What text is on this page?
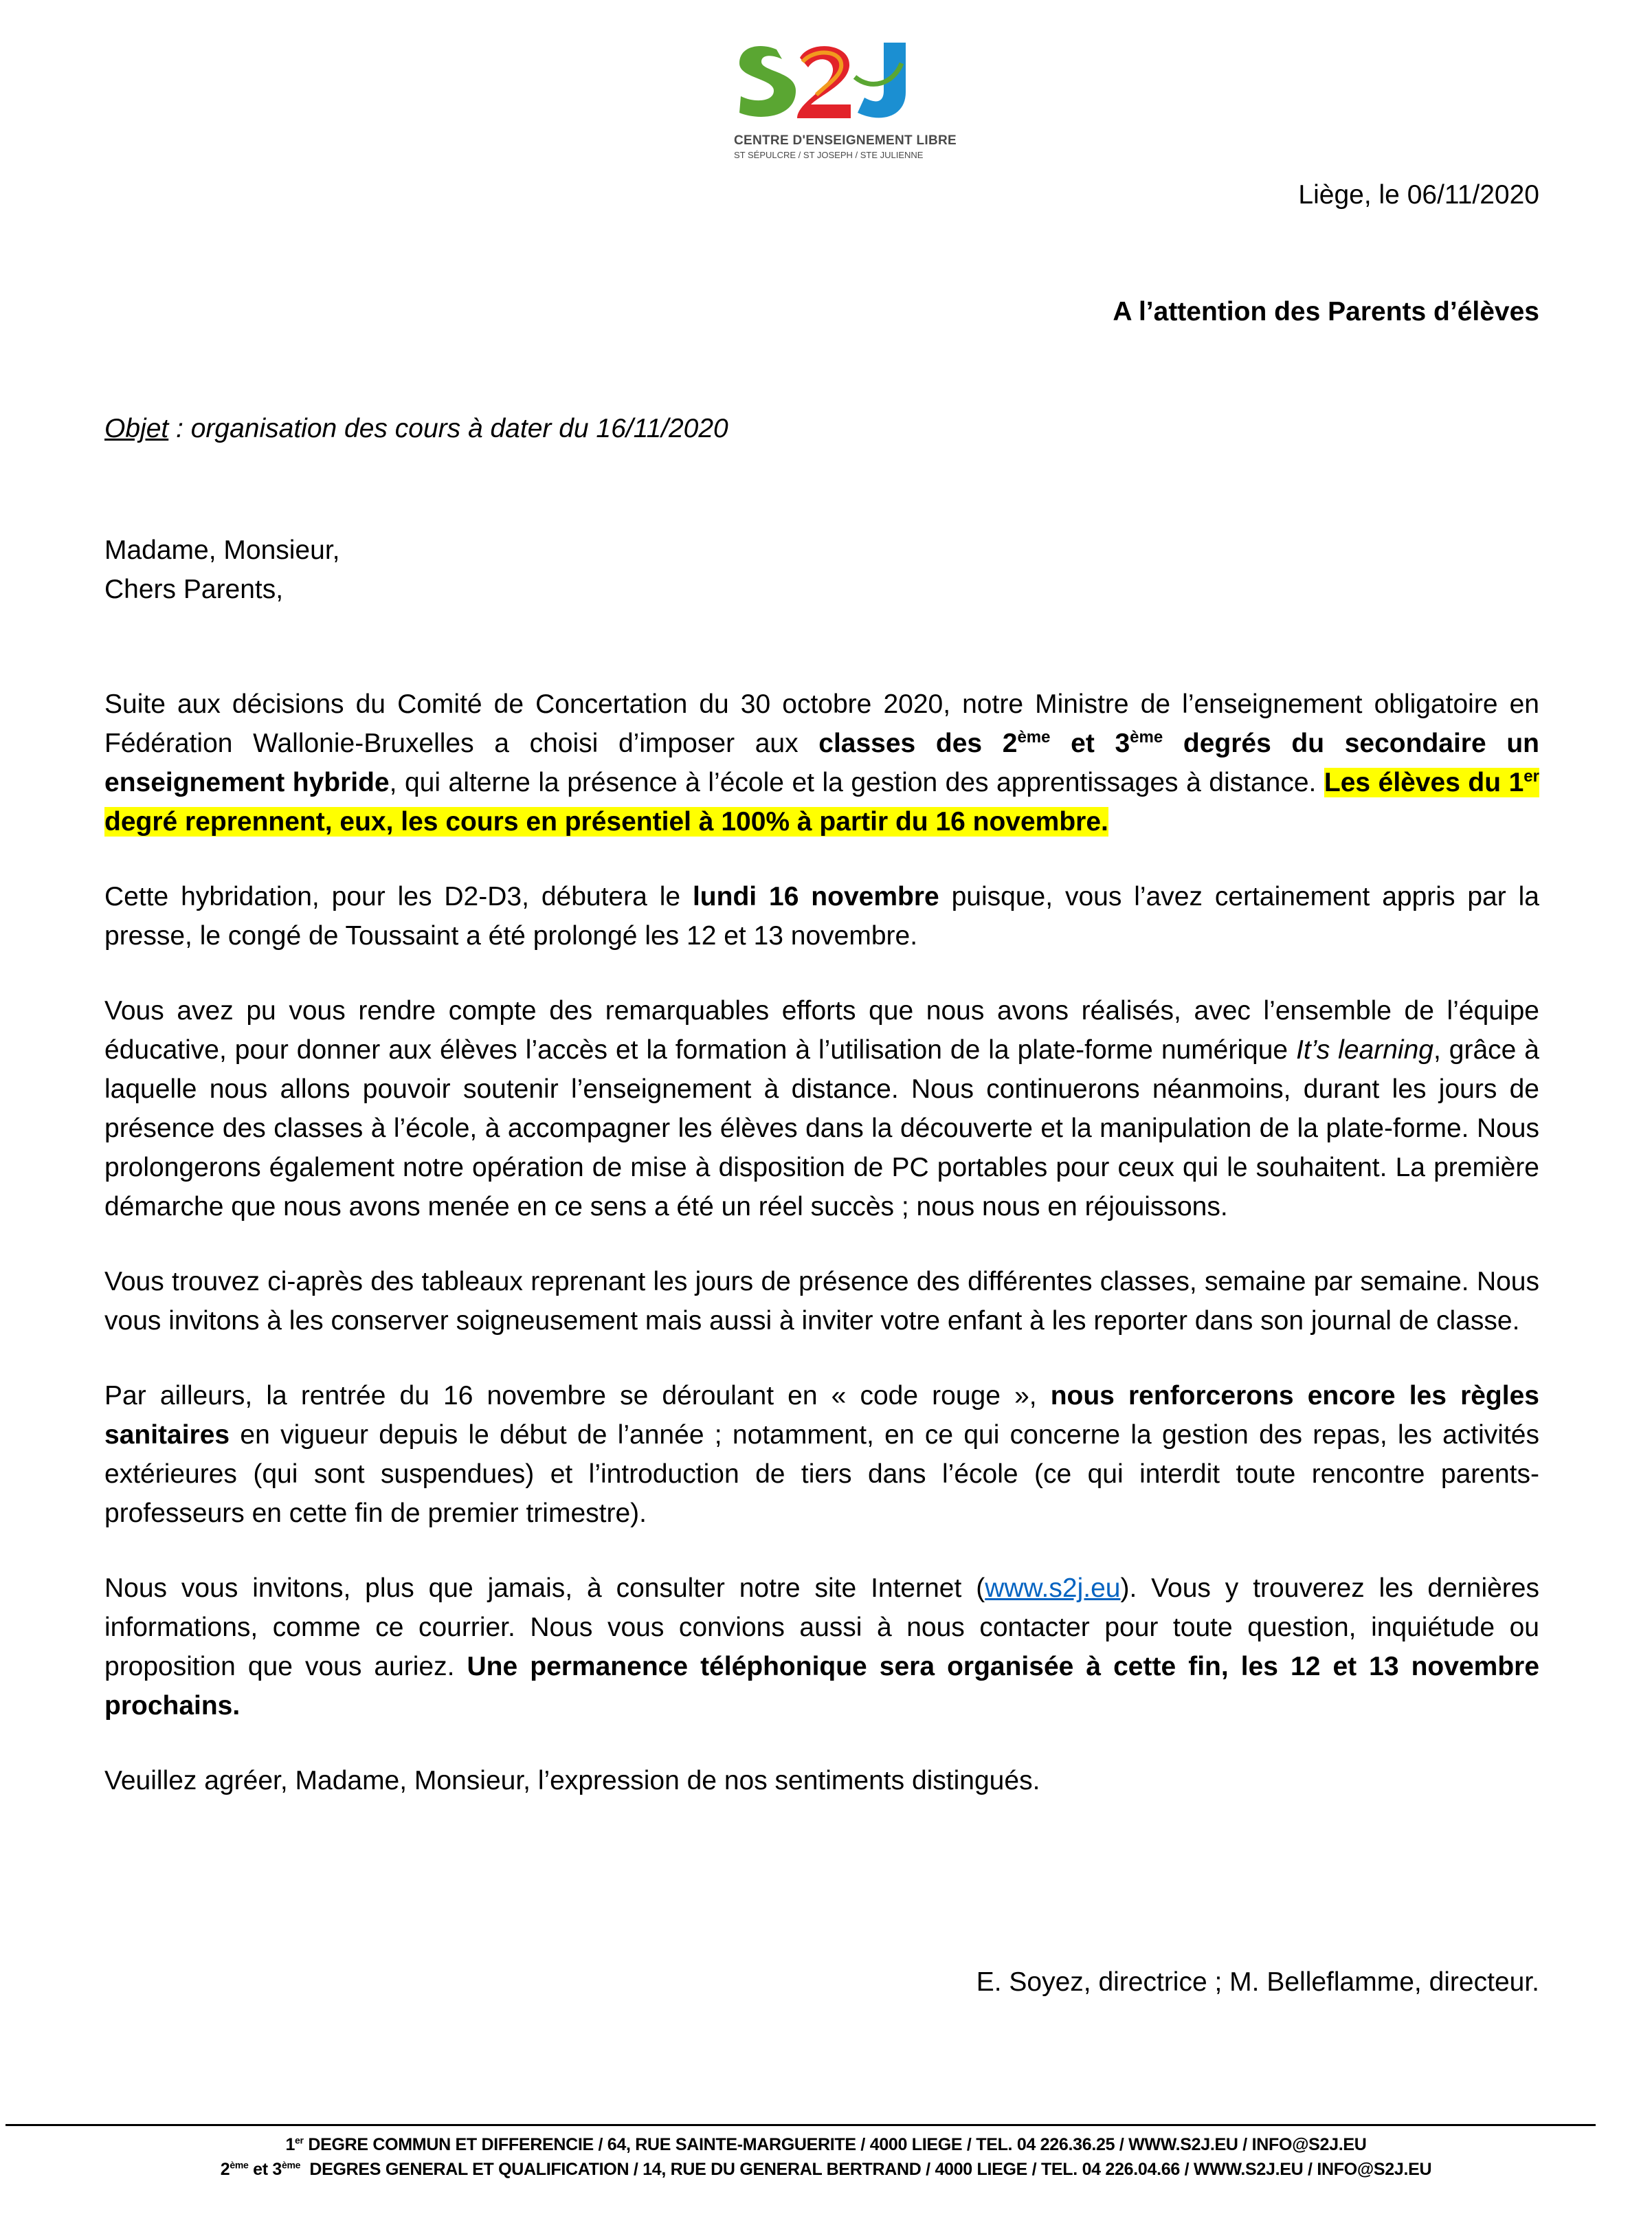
CENTRE D'ENSEIGNEMENT LIBRE
ST SÉPULCRE / ST JOSEPH / STE JULIENNE
Liège, le 06/11/2020
A l’attention des Parents d’élèves
Objet : organisation des cours à dater du 16/11/2020
Madame, Monsieur,
Chers Parents,

Suite aux décisions du Comité de Concertation du 30 octobre 2020, notre Ministre de l’enseignement obligatoire en Fédération Wallonie-Bruxelles a choisi d’imposer aux classes des 2ème et 3ème degrés du secondaire un enseignement hybride, qui alterne la présence à l’école et la gestion des apprentissages à distance. Les élèves du 1er degré reprennent, eux, les cours en présentiel à 100% à partir du 16 novembre.

Cette hybridation, pour les D2-D3, débutera le lundi 16 novembre puisque, vous l’avez certainement appris par la presse, le congé de Toussaint a été prolongé les 12 et 13 novembre.

Vous avez pu vous rendre compte des remarquables efforts que nous avons réalisés, avec l’ensemble de l’équipe éducative, pour donner aux élèves l’accès et la formation à l’utilisation de la plate-forme numérique It’s learning, grâce à laquelle nous allons pouvoir soutenir l’enseignement à distance. Nous continuerons néanmoins, durant les jours de présence des classes à l’école, à accompagner les élèves dans la découverte et la manipulation de la plate-forme. Nous prolongerons également notre opération de mise à disposition de PC portables pour ceux qui le souhaitent. La première démarche que nous avons menée en ce sens a été un réel succès ; nous nous en réjouissons.

Vous trouvez ci-après des tableaux reprenant les jours de présence des différentes classes, semaine par semaine. Nous vous invitons à les conserver soigneusement mais aussi à inviter votre enfant à les reporter dans son journal de classe.

Par ailleurs, la rentrée du 16 novembre se déroulant en « code rouge », nous renforcerons encore les règles sanitaires en vigueur depuis le début de l’année ; notamment, en ce qui concerne la gestion des repas, les activités extérieures (qui sont suspendues) et l’introduction de tiers dans l’école (ce qui interdit toute rencontre parents-professeurs en cette fin de premier trimestre).

Nous vous invitons, plus que jamais, à consulter notre site Internet (www.s2j.eu). Vous y trouverez les dernières informations, comme ce courrier. Nous vous convions aussi à nous contacter pour toute question, inquiétude ou proposition que vous auriez. Une permanence téléphonique sera organisée à cette fin, les 12 et 13 novembre prochains.

Veuillez agréer, Madame, Monsieur, l’expression de nos sentiments distingués.

E. Soyez, directrice ; M. Belleflamme, directeur.
1er DEGRE COMMUN ET DIFFERENCIE / 64, RUE SAINTE-MARGUERITE / 4000 LIEGE / TEL. 04 226.36.25 / WWW.S2J.EU / INFO@S2J.EU
2ème et 3ème  DEGRES GENERAL ET QUALIFICATION / 14, RUE DU GENERAL BERTRAND / 4000 LIEGE / TEL. 04 226.04.66 / WWW.S2J.EU / INFO@S2J.EU
